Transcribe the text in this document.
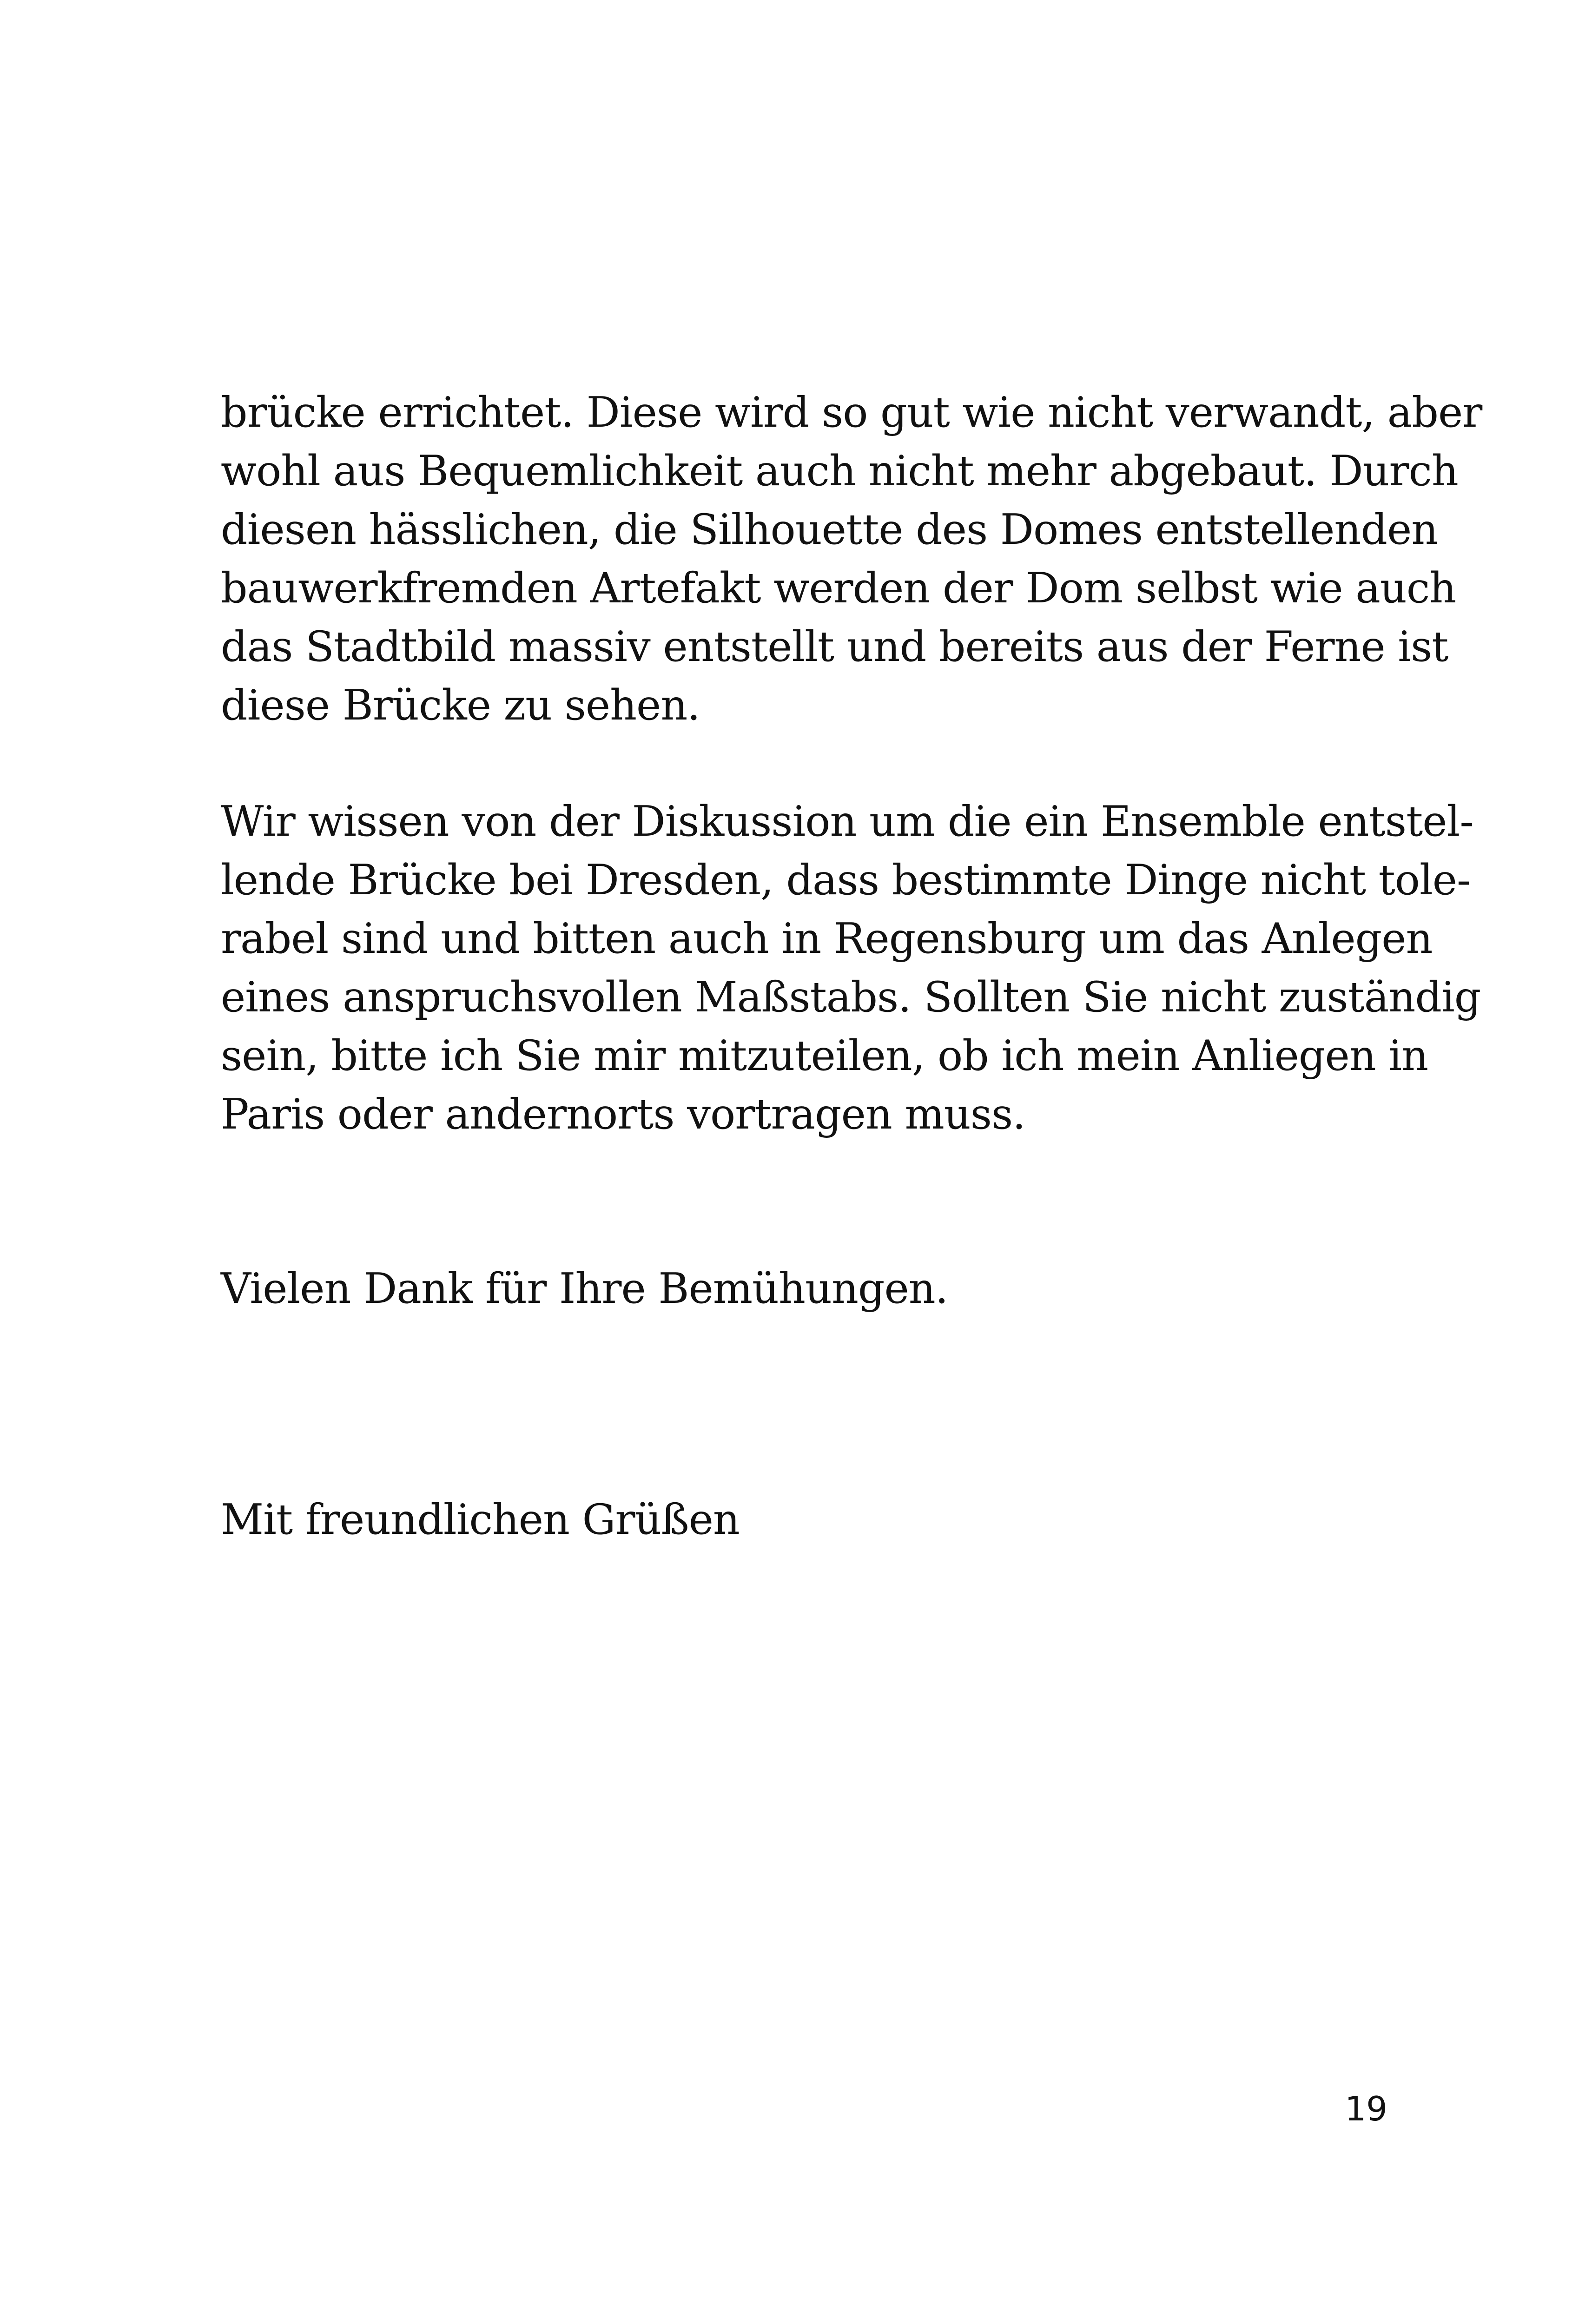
brücke errichtet. Diese wird so gut wie nicht verwandt, aber
wohl aus Bequemlichkeit auch nicht mehr abgebaut. Durch
diesen hässlichen, die Silhouette des Domes entstellenden
bauwerkfremden Artefakt werden der Dom selbst wie auch
das Stadtbild massiv entstellt und bereits aus der Ferne ist
diese Brücke zu sehen.
Wir wissen von der Diskussion um die ein Ensemble entstel-
lende Brücke bei Dresden, dass bestimmte Dinge nicht tole-
rabel sind und bitten auch in Regensburg um das Anlegen
eines anspruchsvollen Maßstabs. Sollten Sie nicht zuständig
sein, bitte ich Sie mir mitzuteilen, ob ich mein Anliegen in
Paris oder andernorts vortragen muss.
Vielen Dank für Ihre Bemühungen.
Mit freundlichen Grüßen
19
